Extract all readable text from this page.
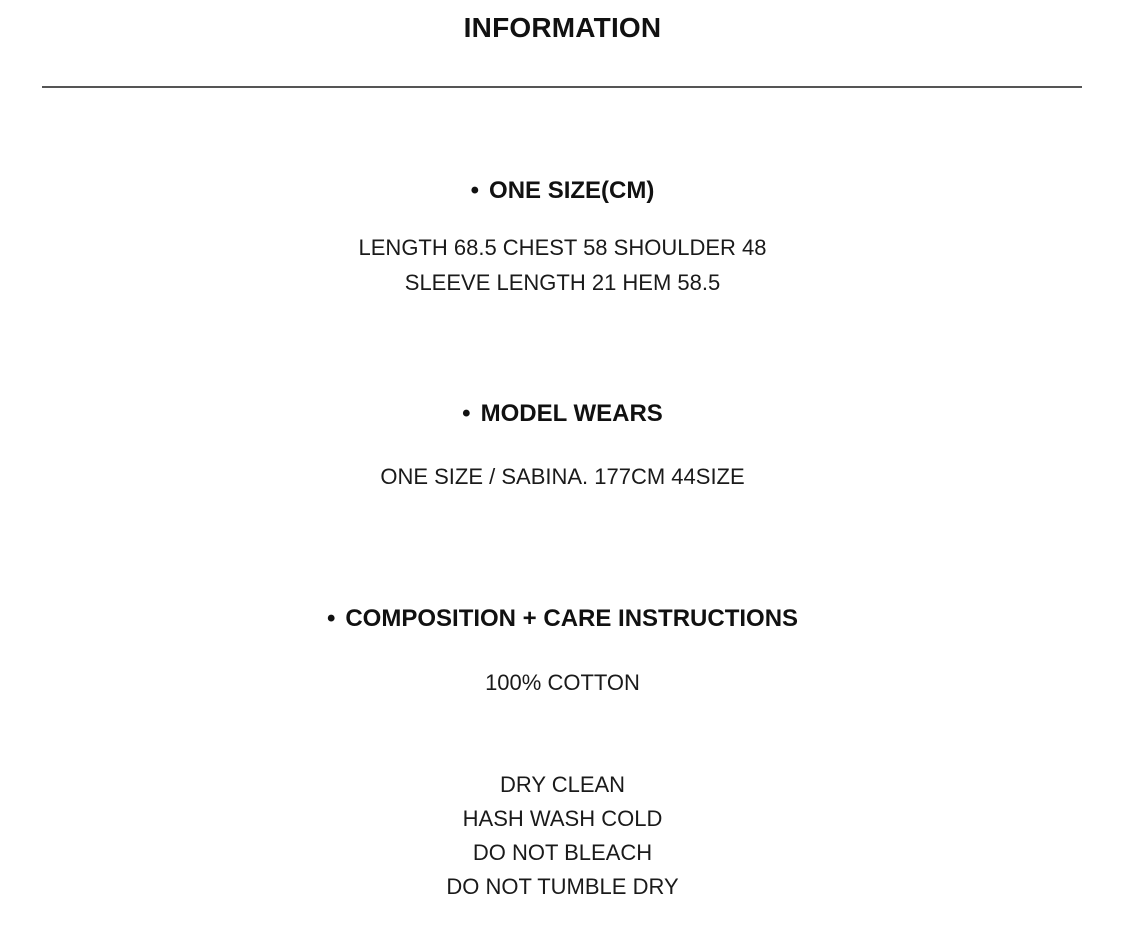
INFORMATION
• ONE SIZE(CM)
LENGTH 68.5 CHEST 58 SHOULDER 48
SLEEVE LENGTH 21 HEM 58.5
• MODEL WEARS
ONE SIZE / SABINA. 177CM 44SIZE
• COMPOSITION + CARE INSTRUCTIONS
100% COTTON
DRY CLEAN
HASH WASH COLD
DO NOT BLEACH
DO NOT TUMBLE DRY
